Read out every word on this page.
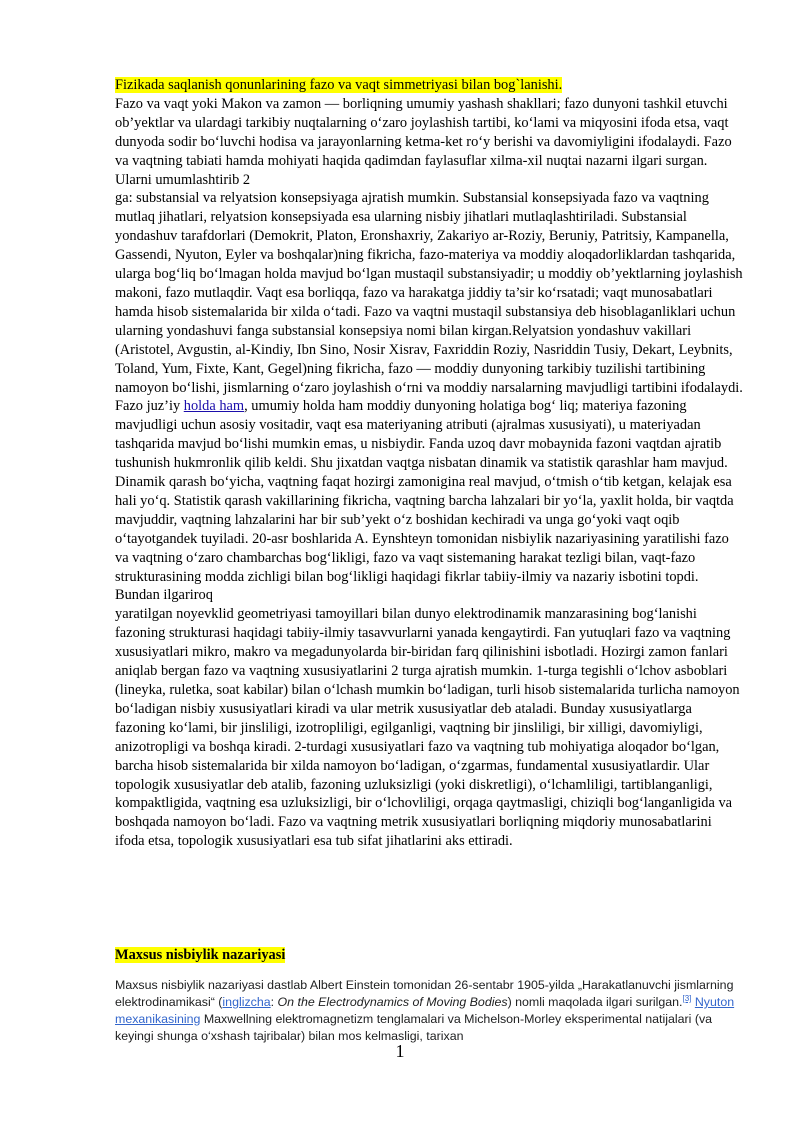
Fizikada saqlanish qonunlarining fazo va vaqt simmetriyasi bilan bog`lanishi.

Fazo va vaqt yoki Makon va zamon — borliqning umumiy yashash shakllari; fazo dunyoni tashkil etuvchi ob’yektlar va ulardagi tarkibiy nuqtalarning o‘zaro joylashish tartibi, ko‘lami va miqyosini ifoda etsa, vaqt dunyoda sodir bo‘luvchi hodisa va jarayonlarning ketma-ket ro‘y berishi va davomiyligini ifodalaydi. Fazo va vaqtning tabiati hamda mohiyati haqida qadimdan faylasuflar xilma-xil nuqtai nazarni ilgari surgan. Ularni umumlashtirib 2
ga: substansial va relyatsion konsepsiyaga ajratish mumkin. Substansial konsepsiyada fazo va vaqtning mutlaq jihatlari, relyatsion konsepsiyada esa ularning nisbiy jihatlari mutlaqlashtiriladi. Substansial yondashuv tarafdorlari (Demokrit, Platon, Eronshaxriy, Zakariyo ar-Roziy, Beruniy, Patritsiy, Kampanella, Gassendi, Nyuton, Eyler va boshqalar)ning fikricha, fazo-materiya va moddiy aloqadorliklardan tashqarida, ularga bog‘liq bo‘lmagan holda mavjud bo‘lgan mustaqil substansiyadir; u moddiy ob’yektlarning joylashish makoni, fazo mutlaqdir. Vaqt esa borliqqa, fazo va harakatga jiddiy ta’sir ko‘rsatadi; vaqt munosabatlari hamda hisob sistemalarida bir xilda o‘tadi. Fazo va vaqtni mustaqil substansiya deb hisoblaganliklari uchun ularning yondashuvi fanga substansial konsepsiya nomi bilan kirgan.Relyatsion yondashuv vakillari (Aristotel, Avgustin, al-Kindiy, Ibn Sino, Nosir Xisrav, Faxriddin Roziy, Nasriddin Tusiy, Dekart, Leybnits, Toland, Yum, Fixte, Kant, Gegel)ning fikricha, fazo — moddiy dunyoning tarkibiy tuzilishi tartibining namoyon bo‘lishi, jismlarning o‘zaro joylashish o‘rni va moddiy narsalarning mavjudligi tartibini ifodalaydi. Fazo juz’iy holda ham, umumiy holda ham moddiy dunyoning holatiga bog‘ liq; materiya fazoning mavjudligi uchun asosiy vositadir, vaqt esa materiyaning atributi (ajralmas xususiyati), u materiyadan tashqarida mavjud bo‘lishi mumkin emas, u nisbiydir. Fanda uzoq davr mobaynida fazoni vaqtdan ajratib tushunish hukmronlik qilib keldi. Shu jixatdan vaqtga nisbatan dinamik va statistik qarashlar ham mavjud. Dinamik qarash bo‘yicha, vaqtning faqat hozirgi zamonigina real mavjud, o‘tmish o‘tib ketgan, kelajak esa hali yo‘q. Statistik qarash vakillarining fikricha, vaqtning barcha lahzalari bir yo‘la, yaxlit holda, bir vaqtda mavjuddir, vaqtning lahzalarini har bir sub’yekt o‘z boshidan kechiradi va unga go‘yoki vaqt oqib o‘tayotgandek tuyiladi. 20-asr boshlarida A. Eynshteyn tomonidan nisbiylik nazariyasining yaratilishi fazo va vaqtning o‘zaro chambarchas bog‘likligi, fazo va vaqt sistemaning harakat tezligi bilan, vaqt-fazo strukturasining modda zichligi bilan bog‘likligi haqidagi fikrlar tabiiy-ilmiy va nazariy isbotini topdi. Bundan ilgariroq
yaratilgan noyevklid geometriyasi tamoyillari bilan dunyo elektrodinamik manzarasining bog‘lanishi fazoning strukturasi haqidagi tabiiy-ilmiy tasavvurlarni yanada kengaytirdi. Fan yutuqlari fazo va vaqtning xususiyatlari mikro, makro va megadunyolarda bir-biridan farq qilinishini isbotladi. Hozirgi zamon fanlari aniqlab bergan fazo va vaqtning xususiyatlarini 2 turga ajratish mumkin. 1-turga tegishli o‘lchov asboblari (lineyka, ruletka, soat kabilar) bilan o‘lchash mumkin bo‘ladigan, turli hisob sistemalarida turlicha namoyon bo‘ladigan nisbiy xususiyatlari kiradi va ular metrik xususiyatlar deb ataladi. Bunday xususiyatlarga fazoning ko‘lami, bir jinsliligi, izotropliligi, egilganligi, vaqtning bir jinsliligi, bir xilligi, davomiyligi, anizotropligi va boshqa kiradi. 2-turdagi xususiyatlari fazo va vaqtning tub mohiyatiga aloqador bo‘lgan, barcha hisob sistemalarida bir xilda namoyon bo‘ladigan, o‘zgarmas, fundamental xususiyatlardir. Ular topologik xususiyatlar deb atalib, fazoning uzluksizligi (yoki diskretligi), o‘lchamliligi, tartiblanganligi, kompaktligida, vaqtning esa uzluksizligi, bir o‘lchovliligi, orqaga qaytmasligi, chiziqli bog‘langanligida va boshqada namoyon bo‘ladi. Fazo va vaqtning metrik xususiyatlari borliqning miqdoriy munosabatlarini ifoda etsa, topologik xususiyatlari esa tub sifat jihatlarini aks ettiradi.

Maxsus nisbiylik nazariyasi

Maxsus nisbiylik nazariyasi dastlab Albert Einstein tomonidan 26-sentabr 1905-yilda „Harakatlanuvchi jismlarning elektrodinamikasi“ (inglizcha: On the Electrodynamics of Moving Bodies) nomli maqolada ilgari surilgan.[3] Nyuton mexanikasining Maxwellning elektromagnetizm tenglamalari va Michelson-Morley eksperimental natijalari (va keyingi shunga o‘xshash tajribalar) bilan mos kelmasligi, tarixan

1
